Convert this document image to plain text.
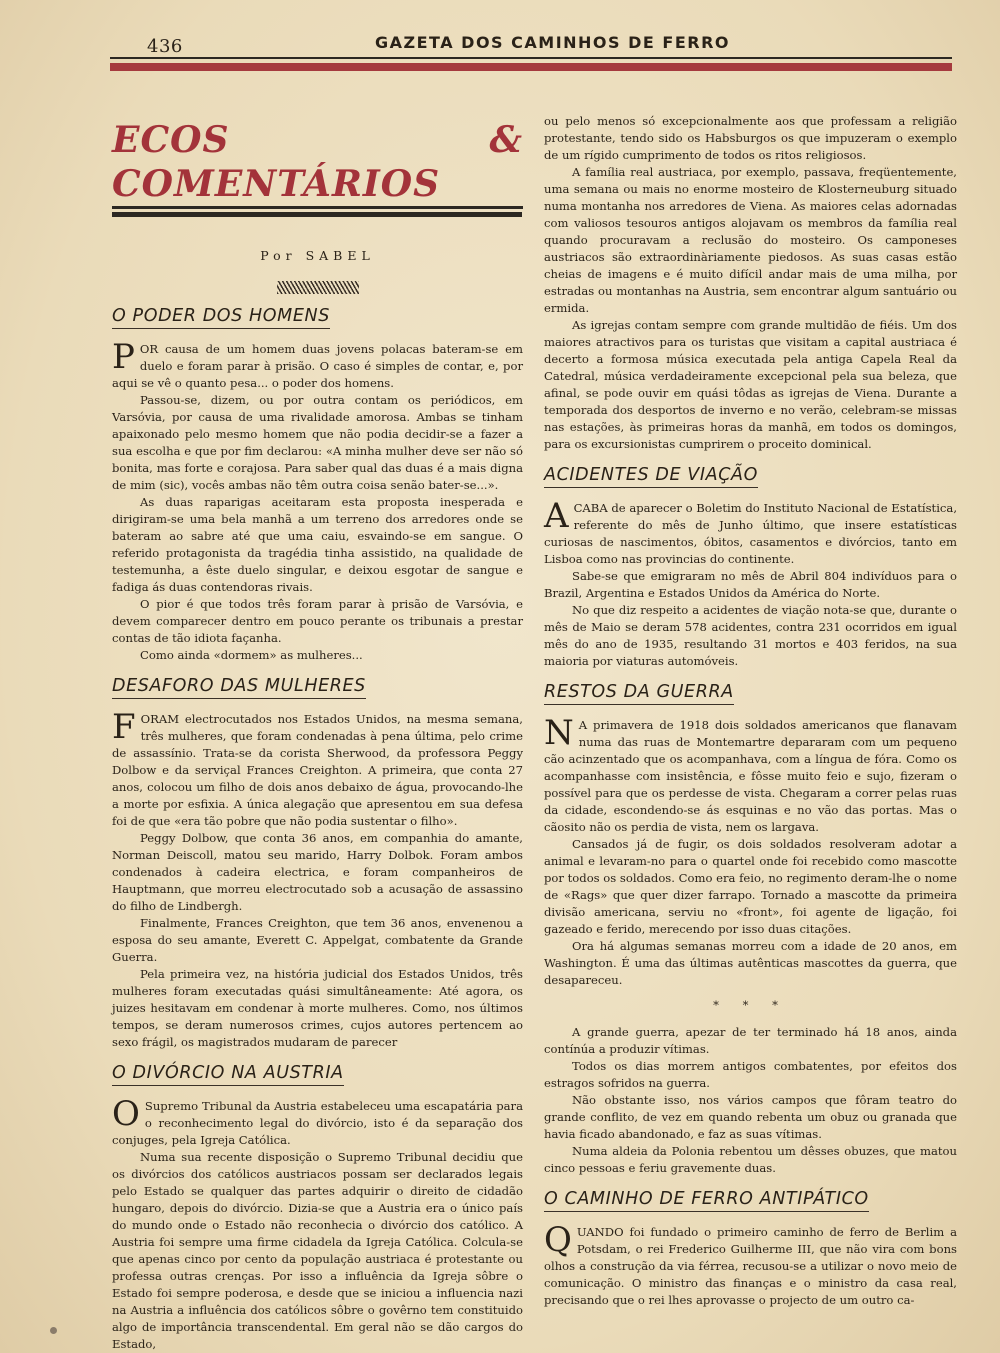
436	GAZETA DOS CAMINHOS DE FERRO
ECOS & COMENTÁRIOS
Por SABEL
O PODER DOS HOMENS

POR causa de um homem duas jovens polacas bateram-se em duelo e foram parar à prisão. O caso é simples de contar, e, por aqui se vê o quanto pesa... o poder dos homens.

Passou-se, dizem, ou por outra contam os periódicos, em Varsóvia, por causa de uma rivalidade amorosa. Ambas se tinham apaixonado pelo mesmo homem que não podia decidir-se a fazer a sua escolha e que por fim declarou: «A minha mulher deve ser não só bonita, mas forte e corajosa. Para saber qual das duas é a mais digna de mim (sic), vocês ambas não têm outra coisa senão bater-se...».

As duas raparigas aceitaram esta proposta inesperada e dirigiram-se uma bela manhã a um terreno dos arredores onde se bateram ao sabre até que uma caiu, esvaindo-se em sangue. O referido protagonista da tragédia tinha assistido, na qualidade de testemunha, a êste duelo singular, e deixou esgotar de sangue e fadiga ás duas contendoras rivais.

O pior é que todos três foram parar à prisão de Varsóvia, e devem comparecer dentro em pouco perante os tribunais a prestar contas de tão idiota façanha.

Como ainda «dormem» as mulheres...

DESAFORO DAS MULHERES

FORAM electrocutados nos Estados Unidos, na mesma semana, três mulheres, que foram condenadas à pena última, pelo crime de assassínio. Trata-se da corista Sherwood, da professora Peggy Dolbow e da serviçal Frances Creighton. A primeira, que conta 27 anos, colocou um filho de dois anos debaixo de água, provocando-lhe a morte por esfixia. A única alegação que apresentou em sua defesa foi de que «era tão pobre que não podia sustentar o filho».

Peggy Dolbow, que conta 36 anos, em companhia do amante, Norman Deiscoll, matou seu marido, Harry Dolbok. Foram ambos condenados à cadeira electrica, e foram companheiros de Hauptmann, que morreu electrocutado sob a acusação de assassino do filho de Lindbergh.

Finalmente, Frances Creighton, que tem 36 anos, envenenou a esposa do seu amante, Everett C. Appelgat, combatente da Grande Guerra.

Pela primeira vez, na história judicial dos Estados Unidos, três mulheres foram executadas quási simultâneamente: Até agora, os juizes hesitavam em condenar à morte mulheres. Como, nos últimos tempos, se deram numerosos crimes, cujos autores pertencem ao sexo frágil, os magistrados mudaram de parecer

O DIVÓRCIO NA AUSTRIA

O Supremo Tribunal da Austria estabeleceu uma escapatária para o reconhecimento legal do divórcio, isto é da separação dos conjuges, pela Igreja Católica.

Numa sua recente disposição o Supremo Tribunal decidiu que os divórcios dos católicos austriacos possam ser declarados legais pelo Estado se qualquer das partes adquirir o direito de cidadão hungaro, depois do divórcio. Dizia-se que a Austria era o único país do mundo onde o Estado não reconhecia o divórcio dos católico. A Austria foi sempre uma firme cidadela da Igreja Católica. Colcula-se que apenas cinco por cento da população austriaca é protestante ou professa outras crenças. Por isso a influência da Igreja sôbre o Estado foi sempre poderosa, e desde que se iniciou a influencia nazi na Austria a influência dos católicos sôbre o govêrno tem constituido algo de importância transcendental. Em geral não se dão cargos do Estado,

ou pelo menos só excepcionalmente aos que professam a religião protestante, tendo sido os Habsburgos os que impuzeram o exemplo de um rígido cumprimento de todos os ritos religiosos.

A família real austriaca, por exemplo, passava, freqüentemente, uma semana ou mais no enorme mosteiro de Klosterneuburg situado numa montanha nos arredores de Viena. As maiores celas adornadas com valiosos tesouros antigos alojavam os membros da família real quando procuravam a reclusão do mosteiro. Os camponeses austriacos são extraordinàriamente piedosos. As suas casas estão cheias de imagens e é muito difícil andar mais de uma milha, por estradas ou montanhas na Austria, sem encontrar algum santuário ou ermida.

As igrejas contam sempre com grande multidão de fiéis. Um dos maiores atractivos para os turistas que visitam a capital austriaca é decerto a formosa música executada pela antiga Capela Real da Catedral, música verdadeiramente excepcional pela sua beleza, que afinal, se pode ouvir em quási tôdas as igrejas de Viena. Durante a temporada dos desportos de inverno e no verão, celebram-se missas nas estações, às primeiras horas da manhã, em todos os domingos, para os excursionistas cumprirem o proceito dominical.

ACIDENTES DE VIAÇÃO

ACABA de aparecer o Boletim do Instituto Nacional de Estatística, referente do mês de Junho último, que insere estatísticas curiosas de nascimentos, óbitos, casamentos e divórcios, tanto em Lisboa como nas provincias do continente.

Sabe-se que emigraram no mês de Abril 804 indivíduos para o Brazil, Argentina e Estados Unidos da América do Norte.

No que diz respeito a acidentes de viação nota-se que, durante o mês de Maio se deram 578 acidentes, contra 231 ocorridos em igual mês do ano de 1935, resultando 31 mortos e 403 feridos, na sua maioria por viaturas automóveis.

RESTOS DA GUERRA

N A primavera de 1918 dois soldados americanos que flanavam numa das ruas de Montemartre depararam com um pequeno cão acinzentado que os acompanhava, com a língua de fóra. Como os acompanhasse com insistência, e fôsse muito feio e sujo, fizeram o possível para que os perdesse de vista. Chegaram a correr pelas ruas da cidade, escondendo-se ás esquinas e no vão das portas. Mas o cãosito não os perdia de vista, nem os largava.

Cansados já de fugir, os dois soldados resolveram adotar a animal e levaram-no para o quartel onde foi recebido como mascotte por todos os soldados. Como era feio, no regimento deram-lhe o nome de «Rags» que quer dizer farrapo. Tornado a mascotte da primeira divisão americana, serviu no «front», foi agente de ligação, foi gazeado e ferido, merecendo por isso duas citações.

Ora há algumas semanas morreu com a idade de 20 anos, em Washington. É uma das últimas autênticas mascottes da guerra, que desapareceu.

* * *

A grande guerra, apezar de ter terminado há 18 anos, ainda contínúa a produzir vítimas.

Todos os dias morrem antigos combatentes, por efeitos dos estragos sofridos na guerra.

Não obstante isso, nos vários campos que fôram teatro do grande conflito, de vez em quando rebenta um obuz ou granada que havia ficado abandonado, e faz as suas vítimas.

Numa aldeia da Polonia rebentou um dêsses obuzes, que matou cinco pessoas e feriu gravemente duas.

O CAMINHO DE FERRO ANTIPÁTICO

QUANDO foi fundado o primeiro caminho de ferro de Berlim a Potsdam, o rei Frederico Guilherme III, que não vira com bons olhos a construção da via férrea, recusou-se a utilizar o novo meio de comunicação. O ministro das finanças e o ministro da casa real, precisando que o rei lhes aprovasse o projecto de um outro ca-
